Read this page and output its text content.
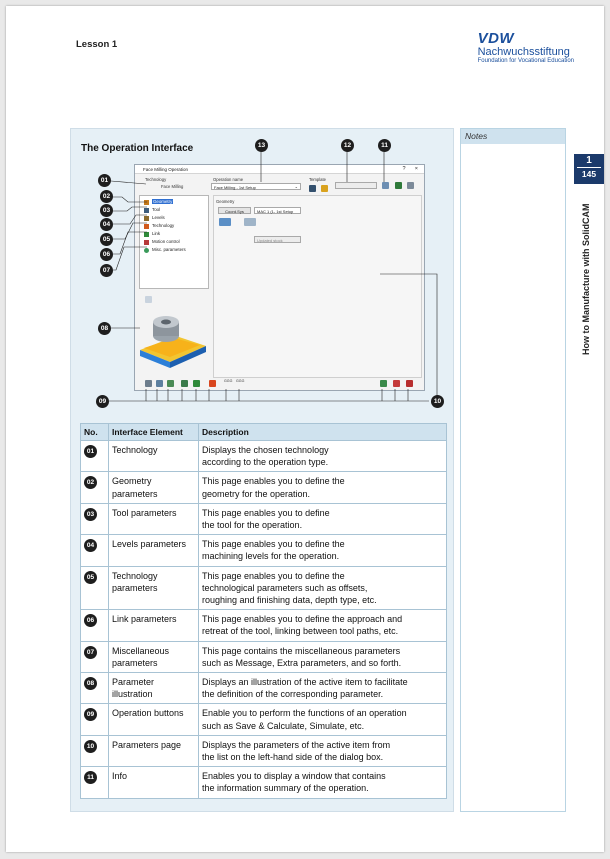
Lesson 1	VDW
Nachwuchsstiftung
Foundation for Vocational Education
The Operation Interface
Notes
1
145
How to Manufacture with SolidCAM
Face Milling Operation	? ×
Technology
Face Milling
Operation name
Face Milling - 1st Setup	⌄
Template
Geometry
Tool
Levels
Technology
Link
Motion control
Misc. parameters
Geometry
Coord.Sys	MAC 1 (1- 1st Setup
Updated stock
GGG GGG
01
02
03
04
05
06
07
08
09	10
11
12
13
No.	Interface Element	Description
01	Technology	Displays the chosen technology
according to the operation type.

02	Geometry parameters	This page enables you to define the
geometry for the operation.

03	Tool parameters	This page enables you to define
the tool for the operation.

04	Levels parameters	This page enables you to define the
machining levels for the operation.

05	Technology parameters	This page enables you to define the
technological parameters such as offsets,
roughing and finishing data, depth type, etc.

06	Link parameters	This page enables you to define the approach and
retreat of the tool, linking between tool paths, etc.

07	Miscellaneous parameters	This page contains the miscellaneous parameters
such as Message, Extra parameters, and so forth.

08	Parameter illustration	Displays an illustration of the active item to facilitate
the definition of the corresponding parameter.

09	Operation buttons	Enable you to perform the functions of an operation
such as Save & Calculate, Simulate, etc.

10	Parameters page	Displays the parameters of the active item from
the list on the left-hand side of the dialog box.

11	Info	Enables you to display a window that contains
the information summary of the operation.
